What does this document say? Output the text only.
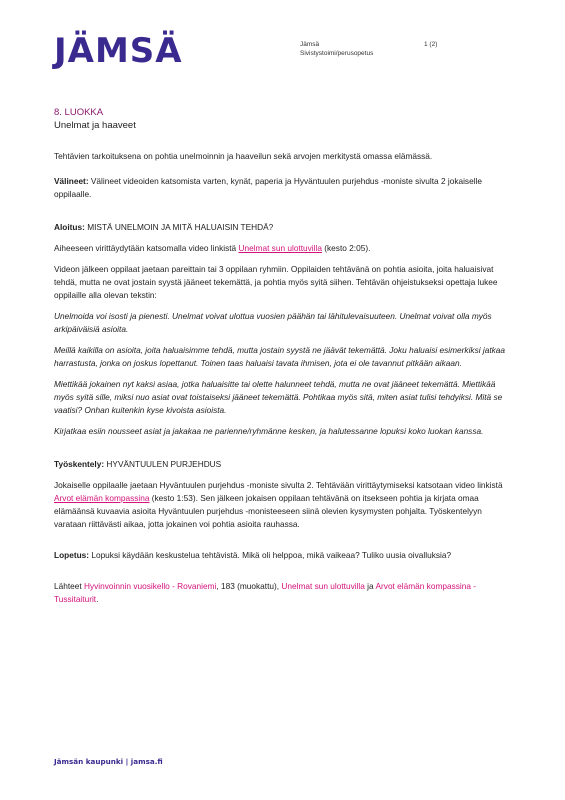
JÄMSÄ	Jämsä
Sivistystoimi/perusopetus
1 (2)

8. LUOKKA

Unelmat ja haaveet

Tehtävien tarkoituksena on pohtia unelmoinnin ja haaveilun sekä arvojen merkitystä omassa elämässä.

Välineet: Välineet videoiden katsomista varten, kynät, paperia ja Hyväntuulen purjehdus -moniste sivulta 2 jokaiselle oppilaalle.

Aloitus: MISTÄ UNELMOIN JA MITÄ HALUAISIN TEHDÄ?

Aiheeseen virittäydytään katsomalla video linkistä Unelmat sun ulottuvilla (kesto 2:05).

Videon jälkeen oppilaat jaetaan pareittain tai 3 oppilaan ryhmiin. Oppilaiden tehtävänä on pohtia asioita, joita haluaisivat tehdä, mutta ne ovat jostain syystä jääneet tekemättä, ja pohtia myös syitä siihen. Tehtävän ohjeistukseksi opettaja lukee oppilaille alla olevan tekstin:

Unelmoida voi isosti ja pienesti. Unelmat voivat ulottua vuosien päähän tai lähitulevaisuuteen. Unelmat voivat olla myös arkipäiväisiä asioita.

Meillä kaikilla on asioita, joita haluaisimme tehdä, mutta jostain syystä ne jäävät tekemättä. Joku haluaisi esimerkiksi jatkaa harrastusta, jonka on joskus lopettanut. Toinen taas haluaisi tavata ihmisen, jota ei ole tavannut pitkään aikaan.

Miettikää jokainen nyt kaksi asiaa, jotka haluaisitte tai olette halunneet tehdä, mutta ne ovat jääneet tekemättä. Miettikää myös syitä sille, miksi nuo asiat ovat toistaiseksi jääneet tekemättä. Pohtikaa myös sitä, miten asiat tulisi tehdyiksi. Mitä se vaatisi? Onhan kuitenkin kyse kivoista asioista.

Kirjatkaa esiin nousseet asiat ja jakakaa ne parienne/ryhmänne kesken, ja halutessanne lopuksi koko luokan kanssa.

Työskentely: HYVÄNTUULEN PURJEHDUS

Jokaiselle oppilaalle jaetaan Hyväntuulen purjehdus -moniste sivulta 2. Tehtävään virittäytymiseksi katsotaan video linkistä Arvot elämän kompassina (kesto 1:53). Sen jälkeen jokaisen oppilaan tehtävänä on itsekseen pohtia ja kirjata omaa elämäänsä kuvaavia asioita Hyväntuulen purjehdus -monisteeseen siinä olevien kysymysten pohjalta. Työskentelyyn varataan riittävästi aikaa, jotta jokainen voi pohtia asioita rauhassa.

Lopetus: Lopuksi käydään keskustelua tehtävistä. Mikä oli helppoa, mikä vaikeaa? Tuliko uusia oivalluksia?

Lähteet Hyvinvoinnin vuosikello - Rovaniemi, 183 (muokattu), Unelmat sun ulottuvilla ja Arvot elämän kompassina - Tussitaiturit.

Jämsän kaupunki | jamsa.fi
